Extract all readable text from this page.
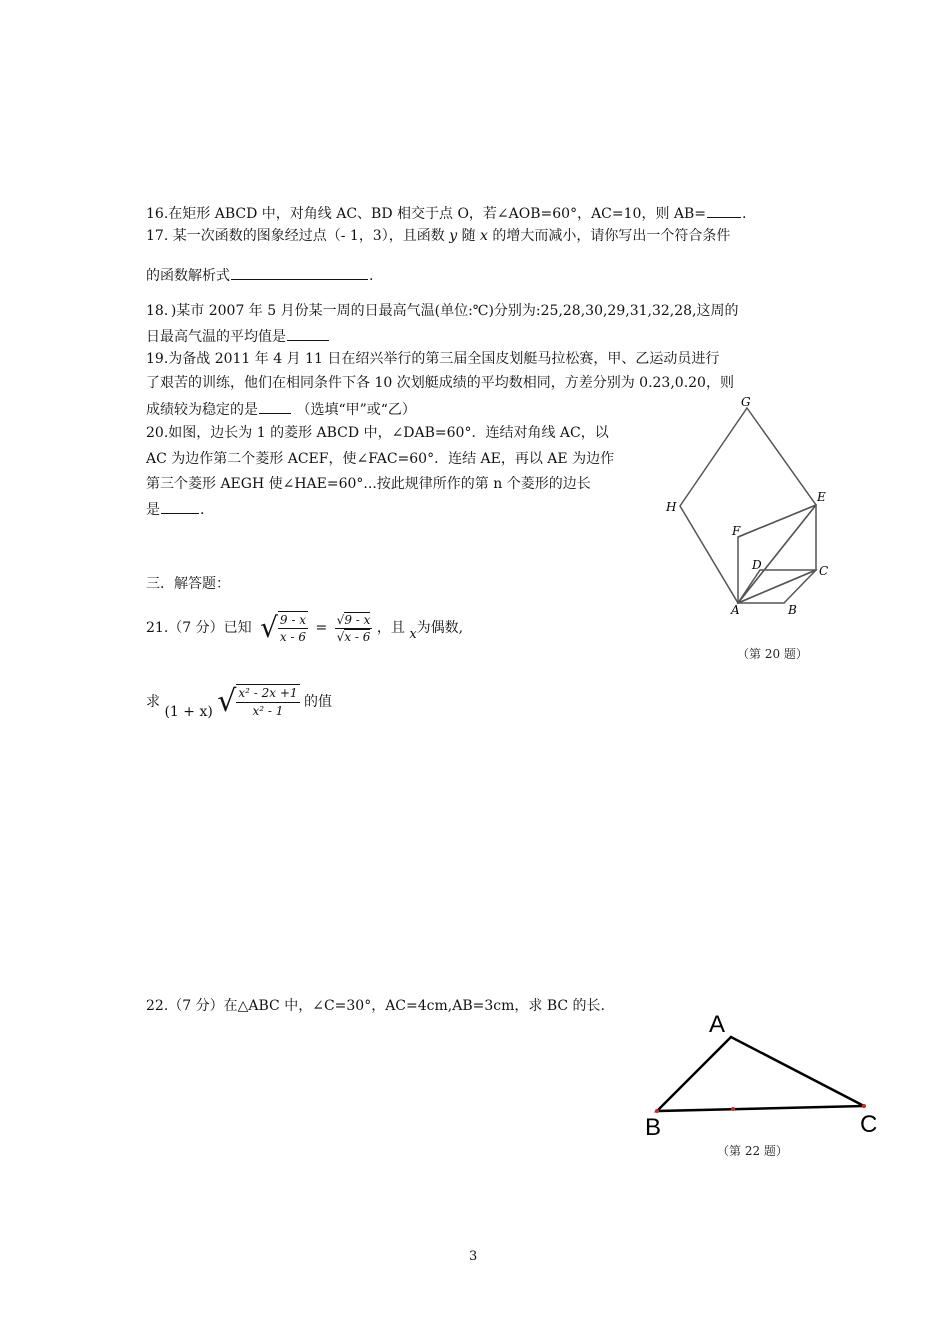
16.在矩形 ABCD 中，对角线 AC、BD 相交于点 O，若∠AOB=60°，AC=10，则 AB=	.
17. 某一次函数的图象经过点（- 1，3），且函数 y 随 x 的增大而减小，请你写出一个符合条件
的函数解析式	.
18．)某市 2007 年 5 月份某一周的日最高气温(单位:℃)分别为:25,28,30,29,31,32,28,这周的
日最高气温的平均值是
19.为备战 2011 年 4 月 11 日在绍兴举行的第三届全国皮划艇马拉松赛，甲、乙运动员进行
了艰苦的训练，他们在相同条件下各 10 次划艇成绩的平均数相同，方差分别为 0.23,0.20，则
成绩较为稳定的是	（选填“甲”或“乙）
20.如图，边长为 1 的菱形 ABCD 中，∠DAB=60°．连结对角线 AC，以
AC 为边作第二个菱形 ACEF，使∠FAC=60°．连结 AE，再以 AE 为边作
第三个菱形 AEGH 使∠HAE=60°...按此规律所作的第 n 个菱形的边长
是	.
G
E
H
F
D	C
A	B
（第 20 题）
三．解答题：
21.（7 分）已知 √ $\frac{9 - x}{x - 6} = \frac{√9 - x}{√x - 6}$ ，且 x为偶数,
求 (1 + x) √ $\frac{\text{x² - 2x +1}}{\text{x² - 1}}$ 的值
22.（7 分）在△ABC 中，∠C=30°，AC=4cm,AB=3cm，求 BC 的长.
A
B	C
（第 22 题）
3
